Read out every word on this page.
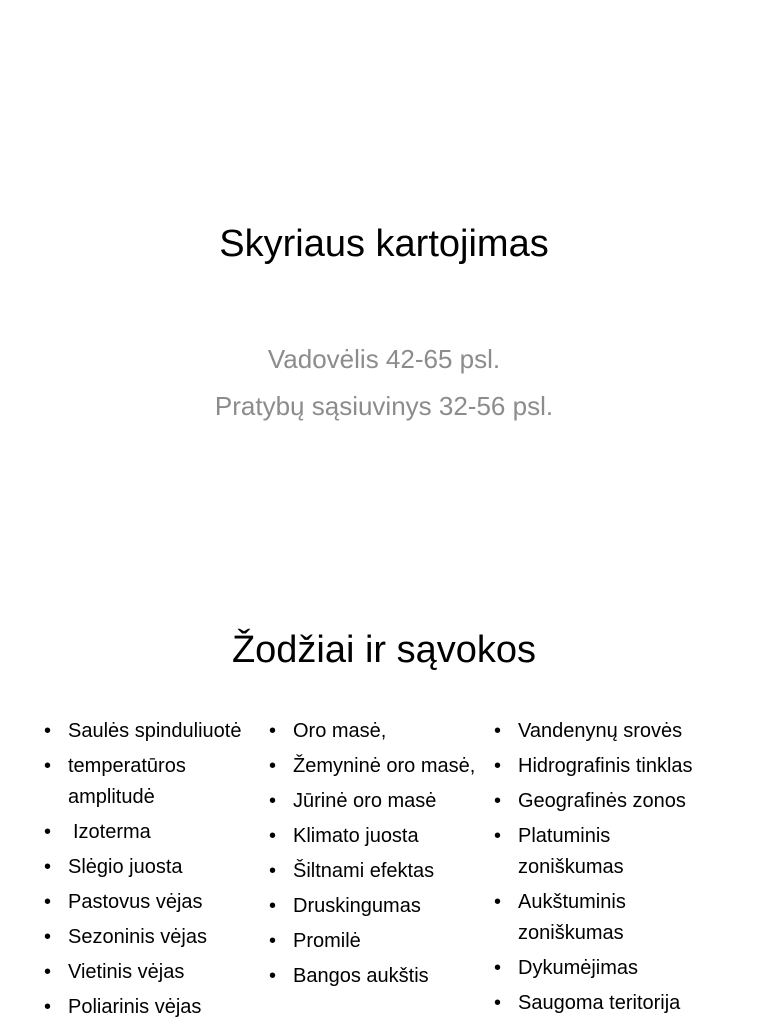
Skyriaus kartojimas
Vadovėlis 42-65 psl.
Pratybų sąsiuvinys 32-56 psl.
Žodžiai ir sąvokos
• Saulės spinduliuotė
• temperatūros amplitudė
• Izoterma
• Slėgio juosta
• Pastovus vėjas
• Sezoninis vėjas
• Vietinis vėjas
• Poliarinis vėjas
• Oro masė,
• Žemyninė oro masė,
• Jūrinė oro masė
• Klimato juosta
• Šiltnami efektas
• Druskingumas
• Promilė
• Bangos aukštis
• Vandenynų srovės
• Hidrografinis tinklas
• Geografinės zonos
• Platuminis zoniškumas
• Aukštuminis zoniškumas
• Dykumėjimas
• Saugoma teritorija
